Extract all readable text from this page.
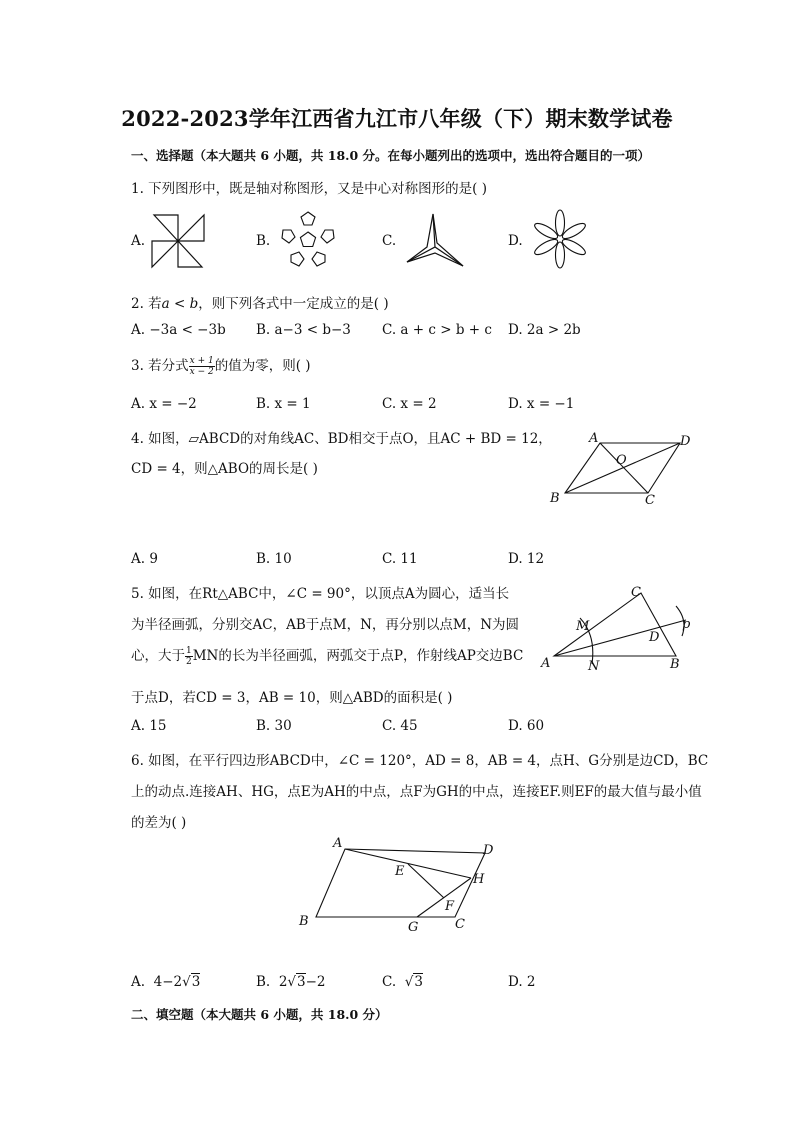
2022-2023学年江西省九江市八年级（下）期末数学试卷
一、选择题（本大题共 6 小题，共 18.0 分。在每小题列出的选项中，选出符合题目的一项）
1. 下列图形中，既是轴对称图形，又是中心对称图形的是( )
A.	B.	C.	D.
2. 若a < b，则下列各式中一定成立的是( )
A. −3a < −3b B. a−3 < b−3 C. a + c > b + c D. 2a > 2b
3. 若分式 $\frac{x + 1}{x - 2}$ 的值为零，则( )
A. x = −2	B. x = 1	C. x = 2	D. x = −1
4. 如图，▱ABCD的对角线AC、BD相交于点O，且AC + BD = 12，
CD = 4，则△ABO的周长是( )
A	D
O
B	C
A. 9	B. 10	C. 11	D. 12
5. 如图，在Rt△ABC中，∠C = 90°，以顶点A为圆心，适当长
为半径画弧，分别交AC，AB于点M，N，再分别以点M，N为圆
心，大于 $\frac{1}{2}$ MN的长为半径画弧，两弧交于点P，作射线AP交边BC
于点D，若CD = 3，AB = 10，则△ABD的面积是( )
C
M
D
p
A	N	B
A. 15	B. 30	C. 45	D. 60
6. 如图，在平行四边形ABCD中，∠C = 120°，AD = 8，AB = 4，点H、G分别是边CD，BC
上的动点.连接AH、HG，点E为AH的中点，点F为GH的中点，连接EF.则EF的最大值与最小值
的差为( )
A	D
E
H
F
B	G	C
A. 4−2√3	B. 2√3−2	C. √3	D. 2
二、填空题（本大题共 6 小题，共 18.0 分）
